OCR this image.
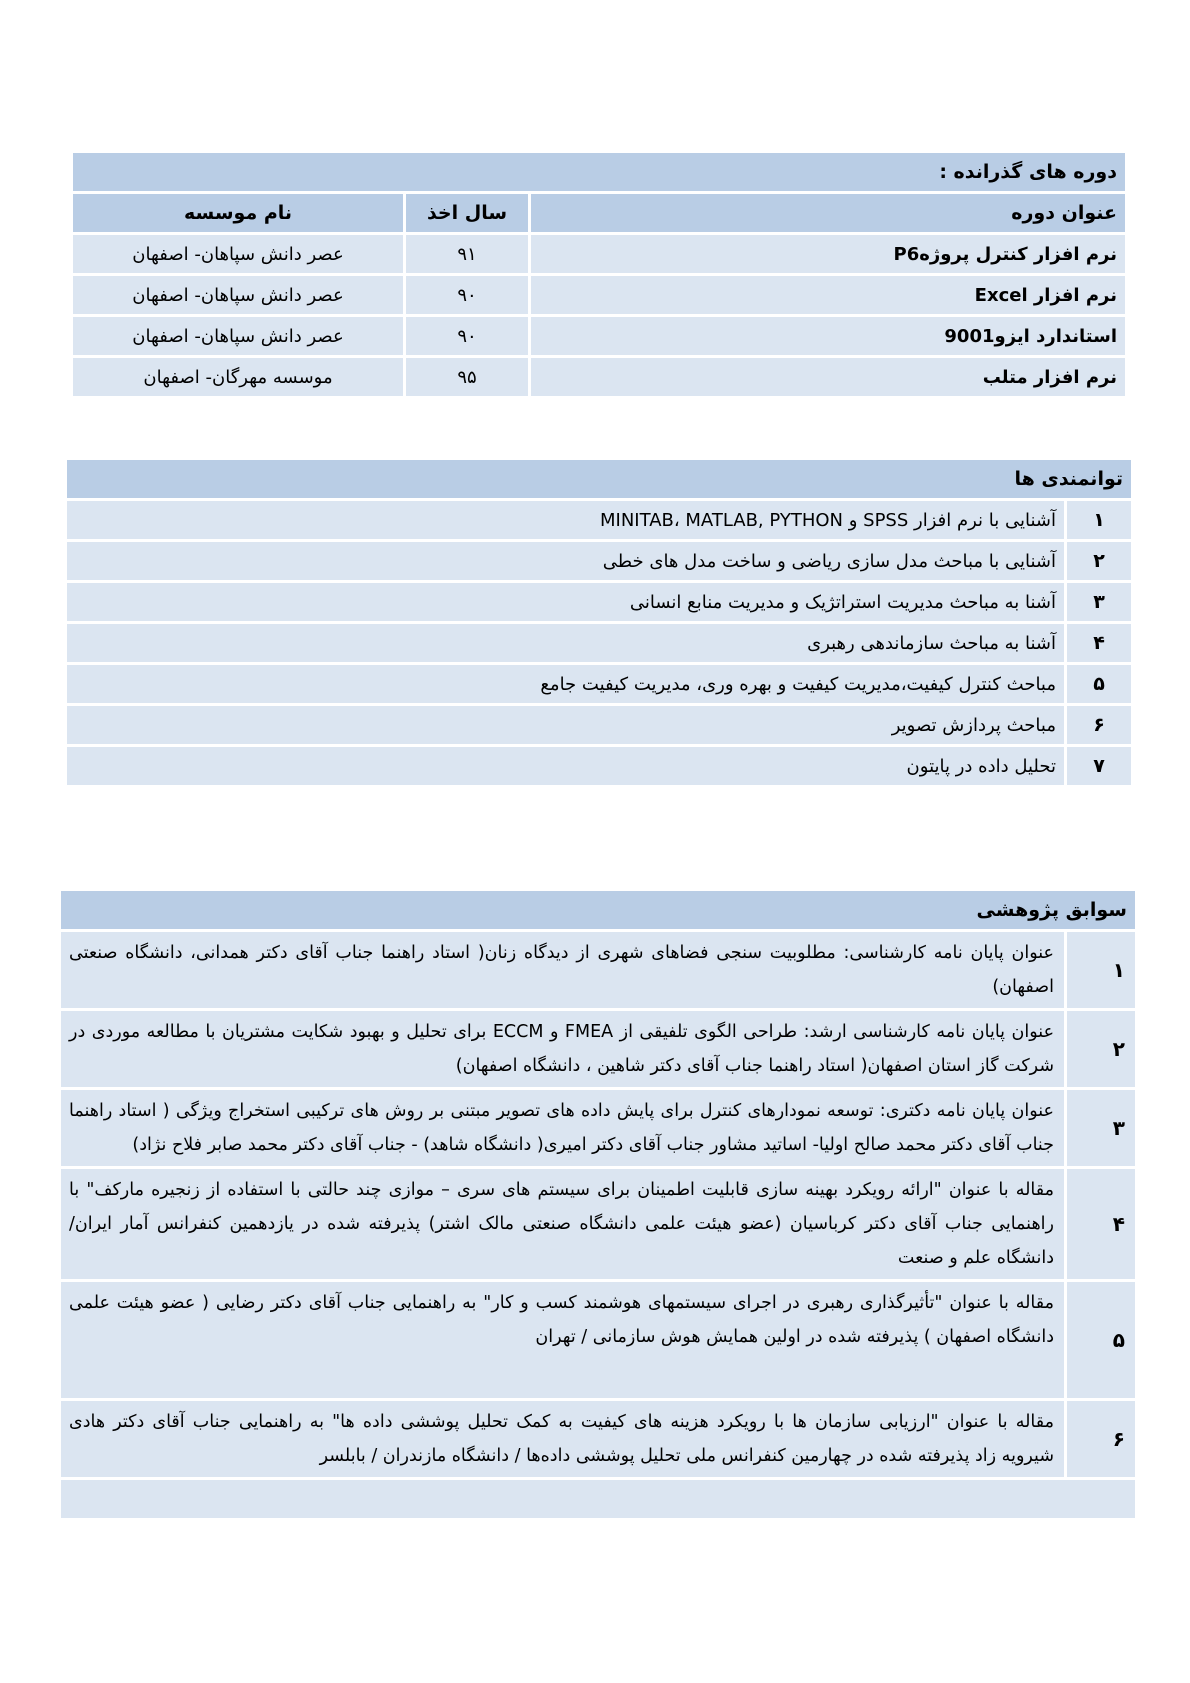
دوره های گذرانده :		
عنوان دوره	سال اخذ	نام موسسه
نرم افزار کنترل پروژهP6	۹۱	عصر دانش سپاهان- اصفهان
نرم افزار Excel	۹۰	عصر دانش سپاهان- اصفهان
استاندارد ایزو9001	۹۰	عصر دانش سپاهان- اصفهان
نرم افزار متلب	۹۵	موسسه مهرگان- اصفهان
توانمندی ها	
۱	آشنایی با نرم افزار SPSS و MINITAB، MATLAB, PYTHON
۲	آشنایی با مباحث مدل سازی ریاضی و ساخت مدل های خطی
۳	آشنا به مباحث مدیریت استراتژیک و مدیریت منابع انسانی
۴	آشنا به مباحث سازماندهی رهبری
۵	مباحث کنترل کیفیت،مدیریت کیفیت و بهره وری، مدیریت کیفیت جامع
۶	مباحث پردازش تصویر
۷	تحلیل داده در پایتون
سوابق پژوهشی	
۱	عنوان پایان نامه کارشناسی: مطلوبیت سنجی فضاهای شهری از دیدگاه زنان( استاد راهنما جناب آقای دکتر همدانی، دانشگاه صنعتی اصفهان)
۲	عنوان پایان نامه کارشناسی ارشد: طراحی الگوی تلفیقی از FMEA و ECCM برای تحلیل و بهبود شکایت مشتریان با مطالعه موردی در شرکت گاز استان اصفهان( استاد راهنما جناب آقای دکتر شاهین ، دانشگاه اصفهان)
۳	عنوان پایان نامه دکتری: توسعه نمودارهای کنترل برای پایش داده های تصویر مبتنی بر روش های ترکیبی استخراج ویژگی ( استاد راهنما جناب آقای دکتر محمد صالح اولیا- اساتید مشاور جناب آقای دکتر امیری( دانشگاه شاهد) - جناب آقای دکتر محمد صابر فلاح نژاد)
۴	مقاله با عنوان "ارائه رویکرد بهینه سازی قابلیت اطمینان برای سیستم های سری – موازی چند حالتی با استفاده از زنجیره مارکف" با راهنمایی جناب آقای دکتر کرباسیان (عضو هیئت علمی دانشگاه صنعتی مالک اشتر) پذیرفته شده در یازدهمین کنفرانس آمار ایران/ دانشگاه علم و صنعت
۵	مقاله با عنوان "تأثیرگذاری رهبری در اجرای سیستمهای هوشمند کسب و کار" به راهنمایی جناب آقای دکتر رضایی ( عضو هیئت علمی دانشگاه اصفهان ) پذیرفته شده در اولین همایش هوش سازمانی / تهران
۶	مقاله با عنوان "ارزیابی سازمان ها با رویکرد هزینه های کیفیت به کمک تحلیل پوششی داده ها" به راهنمایی جناب آقای دکتر هادی شیرویه زاد پذیرفته شده در چهارمین کنفرانس ملی تحلیل پوششی داده‌ها / دانشگاه مازندران / بابلسر
